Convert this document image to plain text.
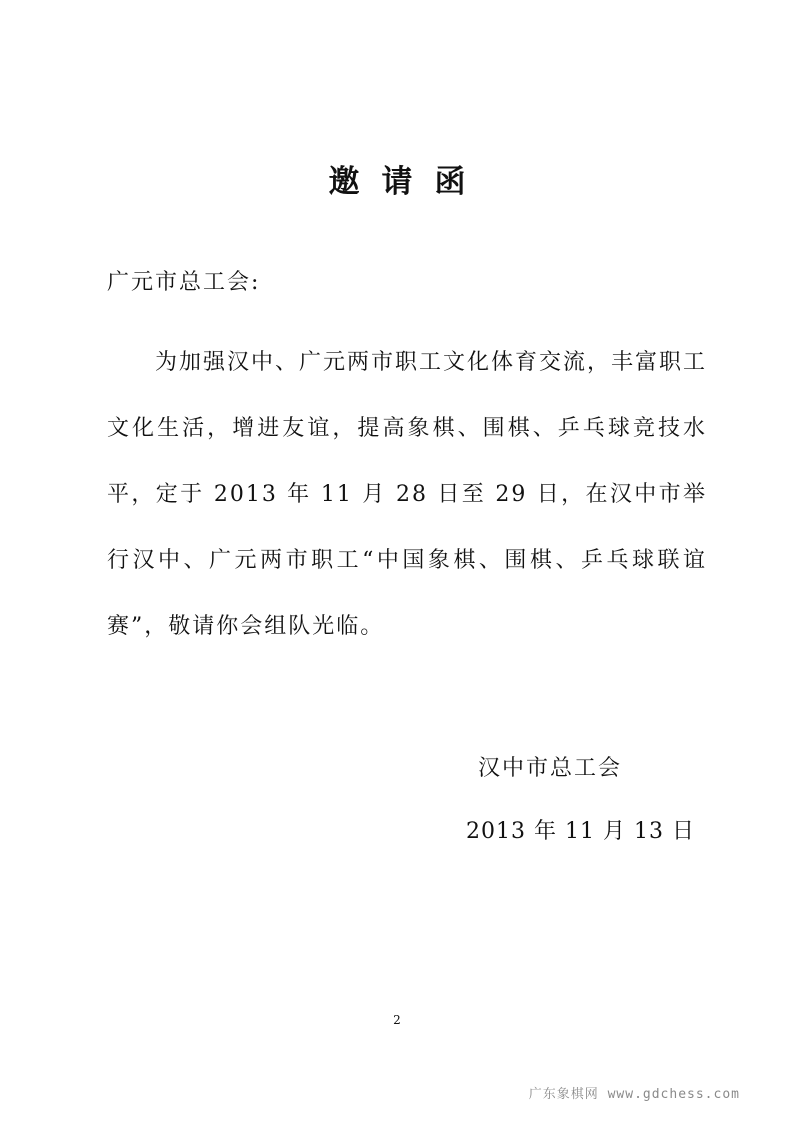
邀请函
广元市总工会:
为加强汉中、广元两市职工文化体育交流，丰富职工文化生活，增进友谊，提高象棋、围棋、乒乓球竞技水平，定于 2013 年 11 月 28 日至 29 日，在汉中市举行汉中、广元两市职工“中国象棋、围棋、乒乓球联谊赛”，敬请你会组队光临。
汉中市总工会
2013 年 11 月 13 日
2
广东象棋网 www.gdchess.com
